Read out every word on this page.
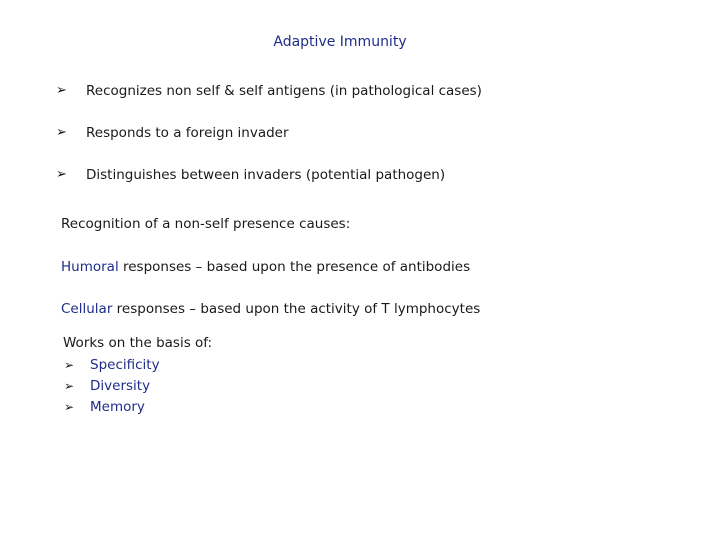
Adaptive Immunity
➢ Recognizes non self & self antigens (in pathological cases)
➢ Responds to a foreign invader
➢ Distinguishes between invaders (potential pathogen)
Recognition of a non-self presence causes:
Humoral responses – based upon the presence of antibodies
Cellular responses – based upon the activity of T lymphocytes
Works on the basis of:
➢ Specificity
➢ Diversity
➢ Memory
